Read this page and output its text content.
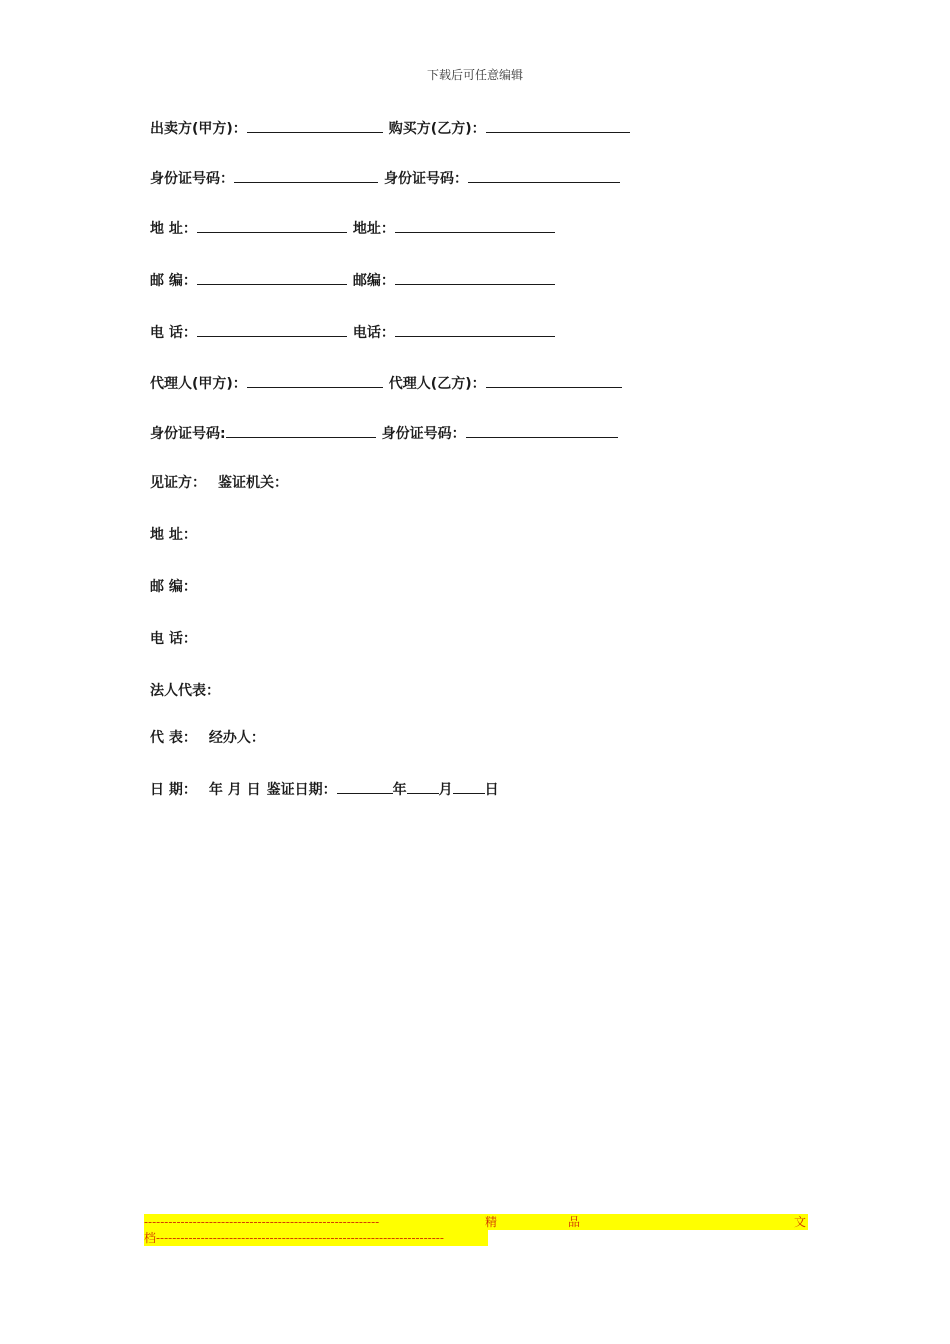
下载后可任意编辑
出卖方(甲方)：	购买方(乙方)：
身份证号码：	身份证号码：
地 址：	地址：
邮 编：	邮编：
电 话：	电话：
代理人(甲方)：	代理人(乙方)：
身份证号码:	身份证号码：
见证方： 鉴证机关：
地 址：
邮 编：
电 话：
法人代表：
代 表： 经办人：
日 期： 年 月 日 鉴证日期：	年 月 日
----------------------------------------------------------	精	品	文
档-----------------------------------------------------------------------
